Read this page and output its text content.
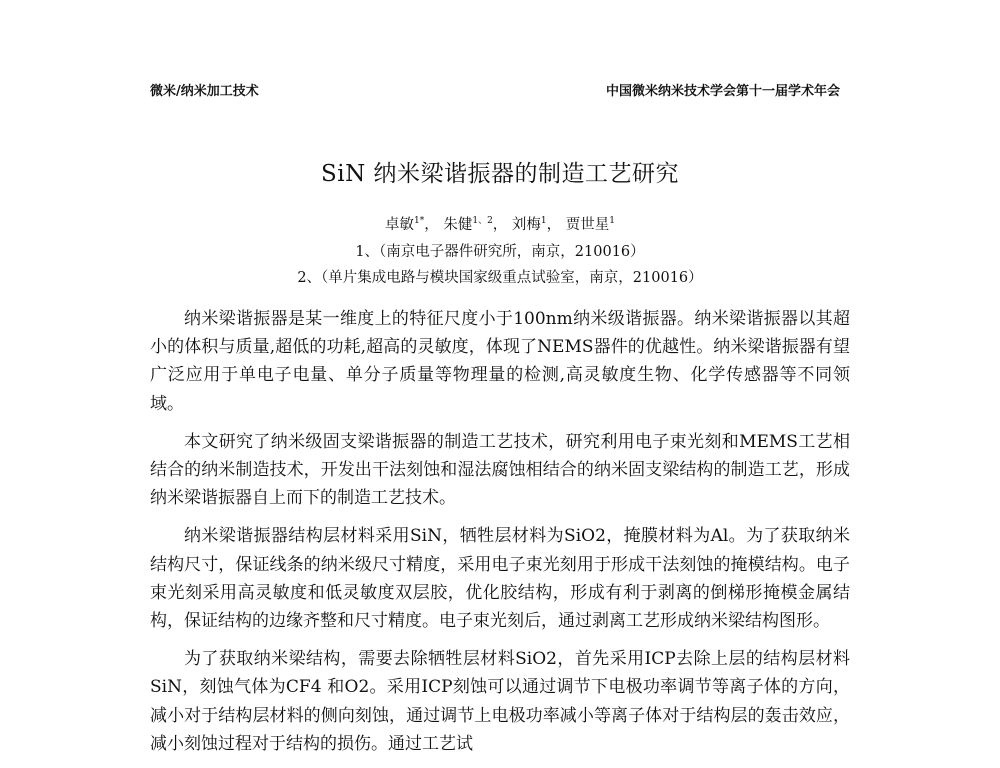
微米/纳米加工技术	中国微米纳米技术学会第十一届学术年会
SiN 纳米梁谐振器的制造工艺研究
卓敏$^{1*}$， 朱健$^{1、2}$， 刘梅$^1$， 贾世星$^1$
1、（南京电子器件研究所，南京，210016）
2、（单片集成电路与模块国家级重点试验室，南京，210016）

纳米梁谐振器是某一维度上的特征尺度小于100nm纳米级谐振器。纳米梁谐振器以其超小的体积与质量,超低的功耗,超高的灵敏度，体现了NEMS器件的优越性。纳米梁谐振器有望广泛应用于单电子电量、单分子质量等物理量的检测,高灵敏度生物、化学传感器等不同领域。

本文研究了纳米级固支梁谐振器的制造工艺技术，研究利用电子束光刻和MEMS工艺相结合的纳米制造技术，开发出干法刻蚀和湿法腐蚀相结合的纳米固支梁结构的制造工艺，形成纳米梁谐振器自上而下的制造工艺技术。

纳米梁谐振器结构层材料采用SiN，牺牲层材料为SiO2，掩膜材料为Al。为了获取纳米结构尺寸，保证线条的纳米级尺寸精度，采用电子束光刻用于形成干法刻蚀的掩模结构。电子束光刻采用高灵敏度和低灵敏度双层胶，优化胶结构，形成有利于剥离的倒梯形掩模金属结构，保证结构的边缘齐整和尺寸精度。电子束光刻后，通过剥离工艺形成纳米梁结构图形。

为了获取纳米梁结构，需要去除牺牲层材料SiO2，首先采用ICP去除上层的结构层材料SiN，刻蚀气体为CF4 和O2。采用ICP刻蚀可以通过调节下电极功率调节等离子体的方向，减小对于结构层材料的侧向刻蚀，通过调节上电极功率减小等离子体对于结构层的轰击效应，减小刻蚀过程对于结构的损伤。通过工艺试
